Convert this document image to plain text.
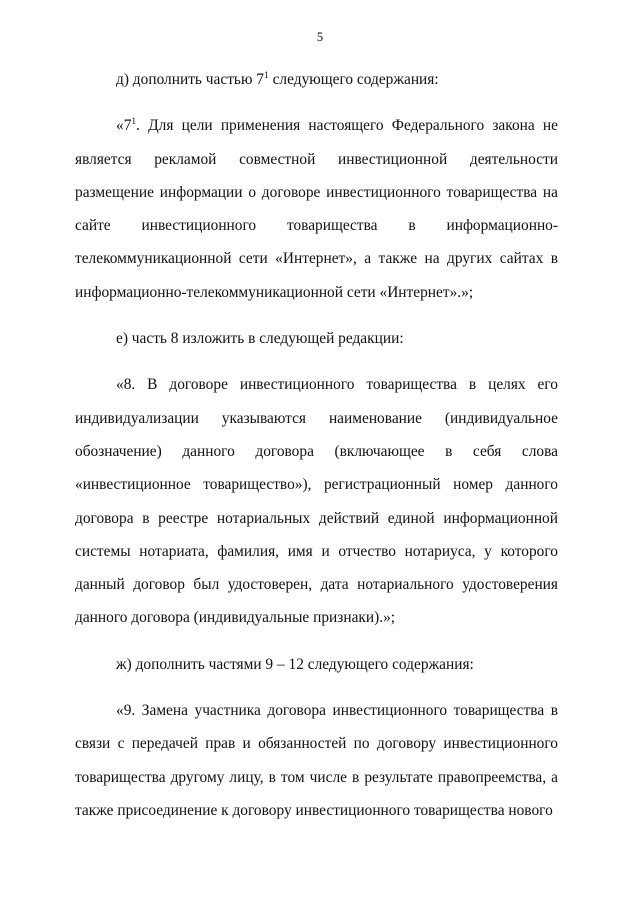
5

д) дополнить частью $7^1$ следующего содержания:

«$7^1$. Для цели применения настоящего Федерального закона не является рекламой совместной инвестиционной деятельности размещение информации о договоре инвестиционного товарищества на сайте инвестиционного товарищества в информационно-телекоммуникационной сети «Интернет», а также на других сайтах в информационно-телекоммуникационной сети «Интернет».»;

е) часть 8 изложить в следующей редакции:

«8. В договоре инвестиционного товарищества в целях его индивидуализации указываются наименование (индивидуальное обозначение) данного договора (включающее в себя слова «инвестиционное товарищество»), регистрационный номер данного договора в реестре нотариальных действий единой информационной системы нотариата, фамилия, имя и отчество нотариуса, у которого данный договор был удостоверен, дата нотариального удостоверения данного договора (индивидуальные признаки).»;

ж) дополнить частями 9 – 12 следующего содержания:

«9. Замена участника договора инвестиционного товарищества в связи с передачей прав и обязанностей по договору инвестиционного товарищества другому лицу, в том числе в результате правопреемства, а также присоединение к договору инвестиционного товарищества нового
